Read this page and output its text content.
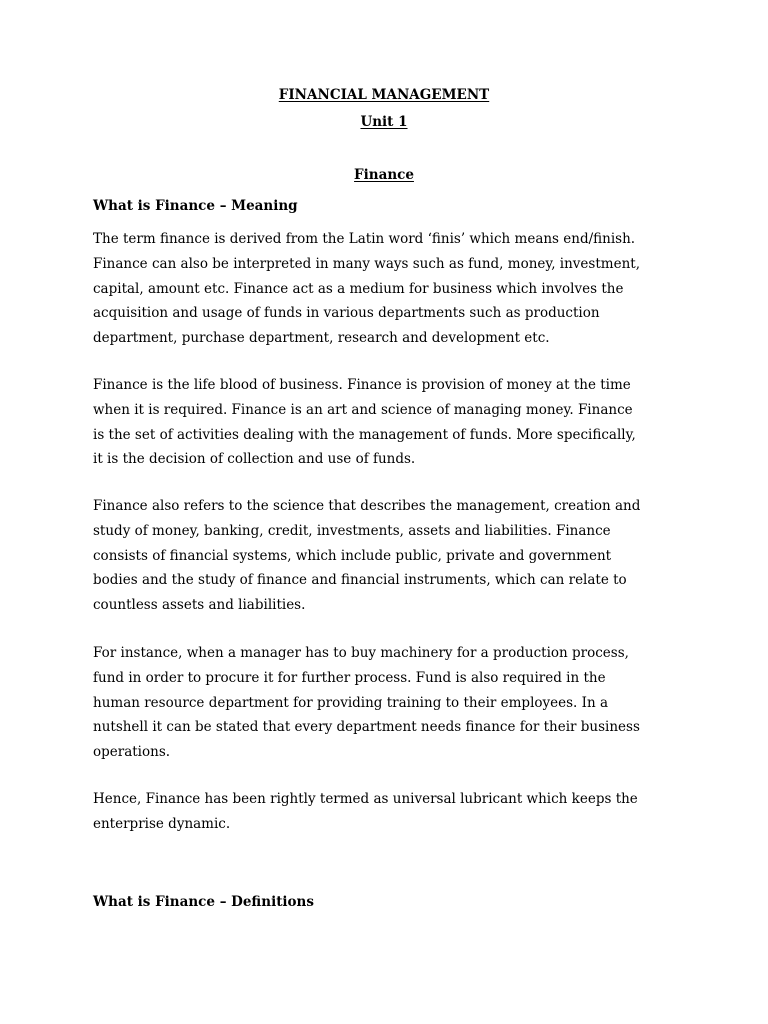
FINANCIAL MANAGEMENT
Unit 1
Finance
What is Finance – Meaning

The term finance is derived from the Latin word ‘finis’ which means end/finish.
Finance can also be interpreted in many ways such as fund, money, investment,
capital, amount etc. Finance act as a medium for business which involves the
acquisition and usage of funds in various departments such as production
department, purchase department, research and development etc.

Finance is the life blood of business. Finance is provision of money at the time
when it is required. Finance is an art and science of managing money. Finance
is the set of activities dealing with the management of funds. More specifically,
it is the decision of collection and use of funds.

Finance also refers to the science that describes the management, creation and
study of money, banking, credit, investments, assets and liabilities. Finance
consists of financial systems, which include public, private and government
bodies and the study of finance and financial instruments, which can relate to
countless assets and liabilities.

For instance, when a manager has to buy machinery for a production process,
fund in order to procure it for further process. Fund is also required in the
human resource department for providing training to their employees. In a
nutshell it can be stated that every department needs finance for their business
operations.

Hence, Finance has been rightly termed as universal lubricant which keeps the
enterprise dynamic.

What is Finance – Definitions
